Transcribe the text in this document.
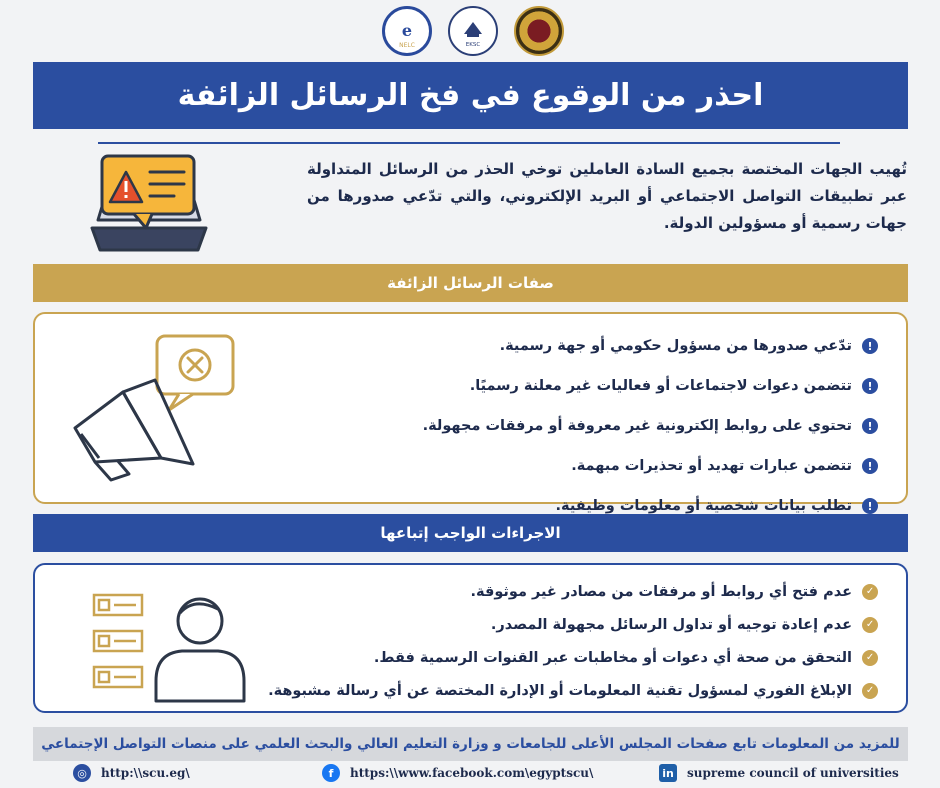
e
NELC	EKSC
احذر من الوقوع في فخ الرسائل الزائفة

تُهيب الجهات المختصة بجميع السادة العاملين توخي الحذر من الرسائل المتداولة عبر تطبيقات التواصل الاجتماعي أو البريد الإلكتروني، والتي تدّعي صدورها من جهات رسمية أو مسؤولين الدولة.

صفات الرسائل الزائفة
!
تدّعي صدورها من مسؤول حكومي أو جهة رسمية.
!
تتضمن دعوات لاجتماعات أو فعاليات غير معلنة رسميًا.
!
تحتوي على روابط إلكترونية غير معروفة أو مرفقات مجهولة.
!
تتضمن عبارات تهديد أو تحذيرات مبهمة.
!
تطلب بيانات شخصية أو معلومات وظيفية.
الاجراءات الواجب إتباعها
✓
عدم فتح أي روابط أو مرفقات من مصادر غير موثوقة.
✓
عدم إعادة توجيه أو تداول الرسائل مجهولة المصدر.
✓
التحقق من صحة أي دعوات أو مخاطبات عبر القنوات الرسمية فقط.
✓
الإبلاغ الفوري لمسؤول تقنية المعلومات أو الإدارة المختصة عن أي رسالة مشبوهة.
للمزيد من المعلومات تابع صفحات المجلس الأعلى للجامعات و وزارة التعليم العالي والبحث العلمي على منصات التواصل الإجتماعي
◎	http:\\scu.eg\	f	https:\\www.facebook.com\egyptscu\	in supreme council of universities
